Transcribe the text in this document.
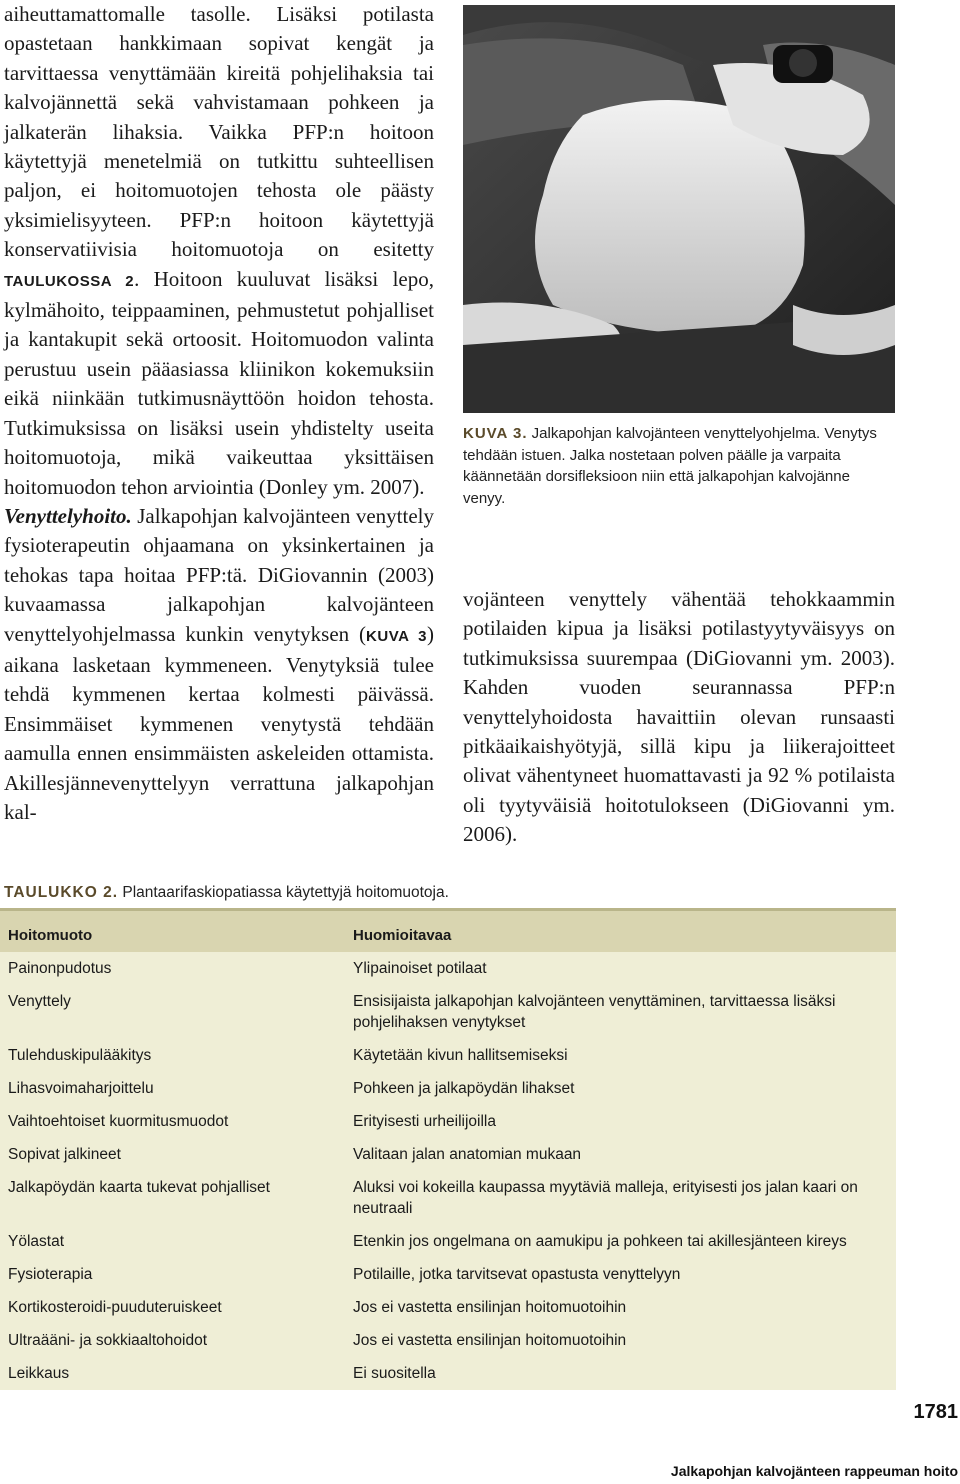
aiheuttamattomalle tasolle. Lisäksi potilasta opastetaan hankkimaan sopivat kengät ja tarvittaessa venyttämään kireitä pohjelihaksia tai kalvojännettä sekä vahvistamaan pohkeen ja jalkaterän lihaksia. Vaikka PFP:n hoitoon käytettyjä menetelmiä on tutkittu suhteellisen paljon, ei hoitomuotojen tehosta ole päästy yksimielisyyteen. PFP:n hoitoon käytettyjä konservatiivisia hoitomuotoja on esitetty TAULUKOSSA 2. Hoitoon kuuluvat lisäksi lepo, kylmähoito, teippaaminen, pehmustetut pohjalliset ja kantakupit sekä ortoosit. Hoitomuodon valinta perustuu usein pääasiassa kliinikon kokemuksiin eikä niinkään tutkimusnäyttöön hoidon tehosta. Tutkimuksissa on lisäksi usein yhdistelty useita hoitomuotoja, mikä vaikeuttaa yksittäisen hoitomuodon tehon arviointia (Donley ym. 2007).

Venyttelyhoito. Jalkapohjan kalvojänteen venyttely fysioterapeutin ohjaamana on yksinkertainen ja tehokas tapa hoitaa PFP:tä. DiGiovannin (2003) kuvaamassa jalkapohjan kalvojänteen venyttelyohjelmassa kunkin venytyksen (KUVA 3) aikana lasketaan kymmeneen. Venytyksiä tulee tehdä kymmenen kertaa kolmesti päivässä. Ensimmäiset kymmenen venytystä tehdään aamulla ennen ensimmäisten askeleiden ottamista. Akillesjännevenyttelyyn verrattuna jalkapohjan kal-

KUVA 3. Jalkapohjan kalvojänteen venyttelyohjelma. Venytys tehdään istuen. Jalka nostetaan polven päälle ja varpaita käännetään dorsifleksioon niin että jalkapohjan kalvojänne venyy.

vojänteen venyttely vähentää tehokkaammin potilaiden kipua ja lisäksi potilastyytyväisyys on tutkimuksissa suurempaa (DiGiovanni ym. 2003). Kahden vuoden seurannassa PFP:n venyttelyhoidosta havaittiin olevan runsaasti pitkäaikaishyötyjä, sillä kipu ja liikerajoitteet olivat vähentyneet huomattavasti ja 92 % potilaista oli tyytyväisiä hoitotulokseen (DiGiovanni ym. 2006).

TAULUKKO 2. Plantaarifaskiopatiassa käytettyjä hoitomuotoja.
Hoitomuoto	Huomioitavaa
Painonpudotus	Ylipainoiset potilaat
Venyttely	Ensisijaista jalkapohjan kalvojänteen venyttäminen, tarvittaessa lisäksi pohjelihaksen venytykset
Tulehduskipulääkitys	Käytetään kivun hallitsemiseksi
Lihasvoimaharjoittelu	Pohkeen ja jalkapöydän lihakset
Vaihtoehtoiset kuormitusmuodot	Erityisesti urheilijoilla
Sopivat jalkineet	Valitaan jalan anatomian mukaan
Jalkapöydän kaarta tukevat pohjalliset	Aluksi voi kokeilla kaupassa myytäviä malleja, erityisesti jos jalan kaari on neutraali
Yölastat	Etenkin jos ongelmana on aamukipu ja pohkeen tai akillesjänteen kireys
Fysioterapia	Potilaille, jotka tarvitsevat opastusta venyttelyyn
Kortikosteroidi-puuduteruiskeet	Jos ei vastetta ensilinjan hoitomuotoihin
Ultraääni- ja sokkiaaltohoidot	Jos ei vastetta ensilinjan hoitomuotoihin
Leikkaus	Ei suositella
1781
Jalkapohjan kalvojänteen rappeuman hoito
